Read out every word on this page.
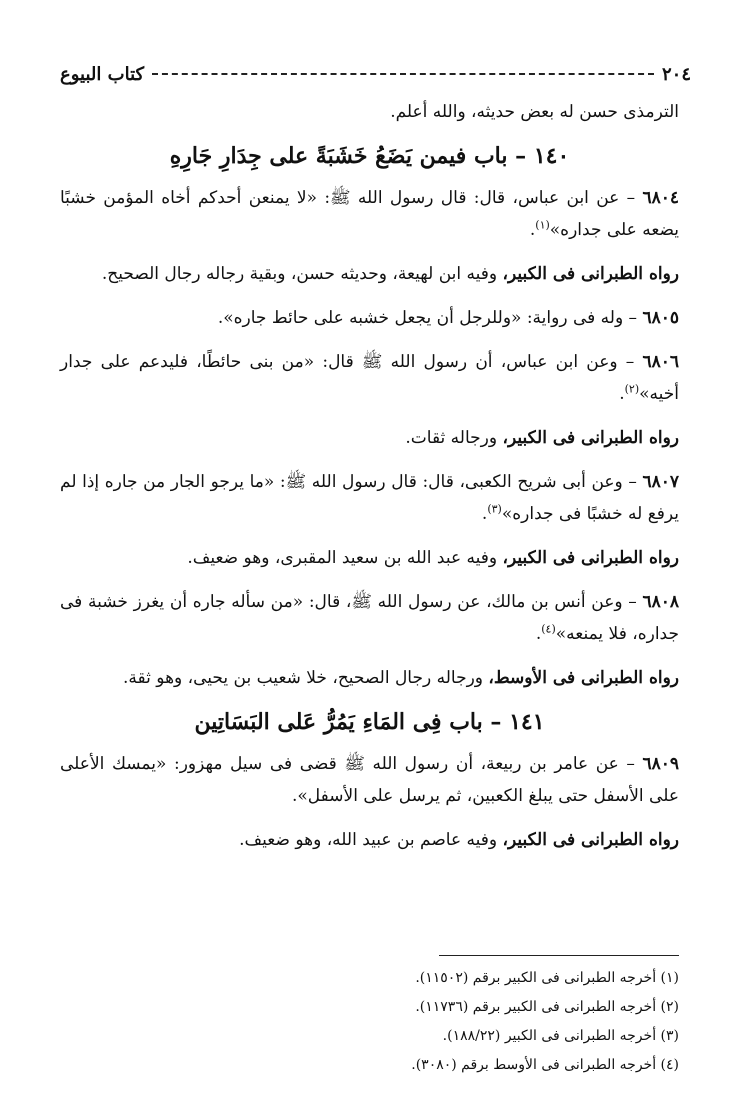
٢٠٤
كتاب البيوع

الترمذى حسن له بعض حديثه، والله أعلم.

١٤٠ – باب فيمن يَضَعُ خَشَبَةً على جِدَارِ جَارِهِ

٦٨٠٤ – عن ابن عباس، قال: قال رسول الله ﷺ: «لا يمنعن أحدكم أخاه المؤمن خشبًا يضعه على جداره»$^{(١)}$.

رواه الطبرانى فى الكبير، وفيه ابن لهيعة، وحديثه حسن، وبقية رجاله رجال الصحيح.

٦٨٠٥ – وله فى رواية: «وللرجل أن يجعل خشبه على حائط جاره».

٦٨٠٦ – وعن ابن عباس، أن رسول الله ﷺ قال: «من بنى حائطًا، فليدعم على جدار أخيه»$^{(٢)}$.

رواه الطبرانى فى الكبير، ورجاله ثقات.

٦٨٠٧ – وعن أبى شريح الكعبى، قال: قال رسول الله ﷺ: «ما يرجو الجار من جاره إذا لم يرفع له خشبًا فى جداره»$^{(٣)}$.

رواه الطبرانى فى الكبير، وفيه عبد الله بن سعيد المقبرى، وهو ضعيف.

٦٨٠٨ – وعن أنس بن مالك، عن رسول الله ﷺ، قال: «من سأله جاره أن يغرز خشبة فى جداره، فلا يمنعه»$^{(٤)}$.

رواه الطبرانى فى الأوسط، ورجاله رجال الصحيح، خلا شعيب بن يحيى، وهو ثقة.

١٤١ – باب فِى المَاءِ يَمُرُّ عَلى البَسَاتِين

٦٨٠٩ – عن عامر بن ربيعة، أن رسول الله ﷺ قضى فى سيل مهزور: «يمسك الأعلى على الأسفل حتى يبلغ الكعبين، ثم يرسل على الأسفل».

رواه الطبرانى فى الكبير، وفيه عاصم بن عبيد الله، وهو ضعيف.

(١) أخرجه الطبرانى فى الكبير برقم (١١٥٠٢).
(٢) أخرجه الطبرانى فى الكبير برقم (١١٧٣٦).
(٣) أخرجه الطبرانى فى الكبير (١٨٨/٢٢).
(٤) أخرجه الطبرانى فى الأوسط برقم (٣٠٨٠).
